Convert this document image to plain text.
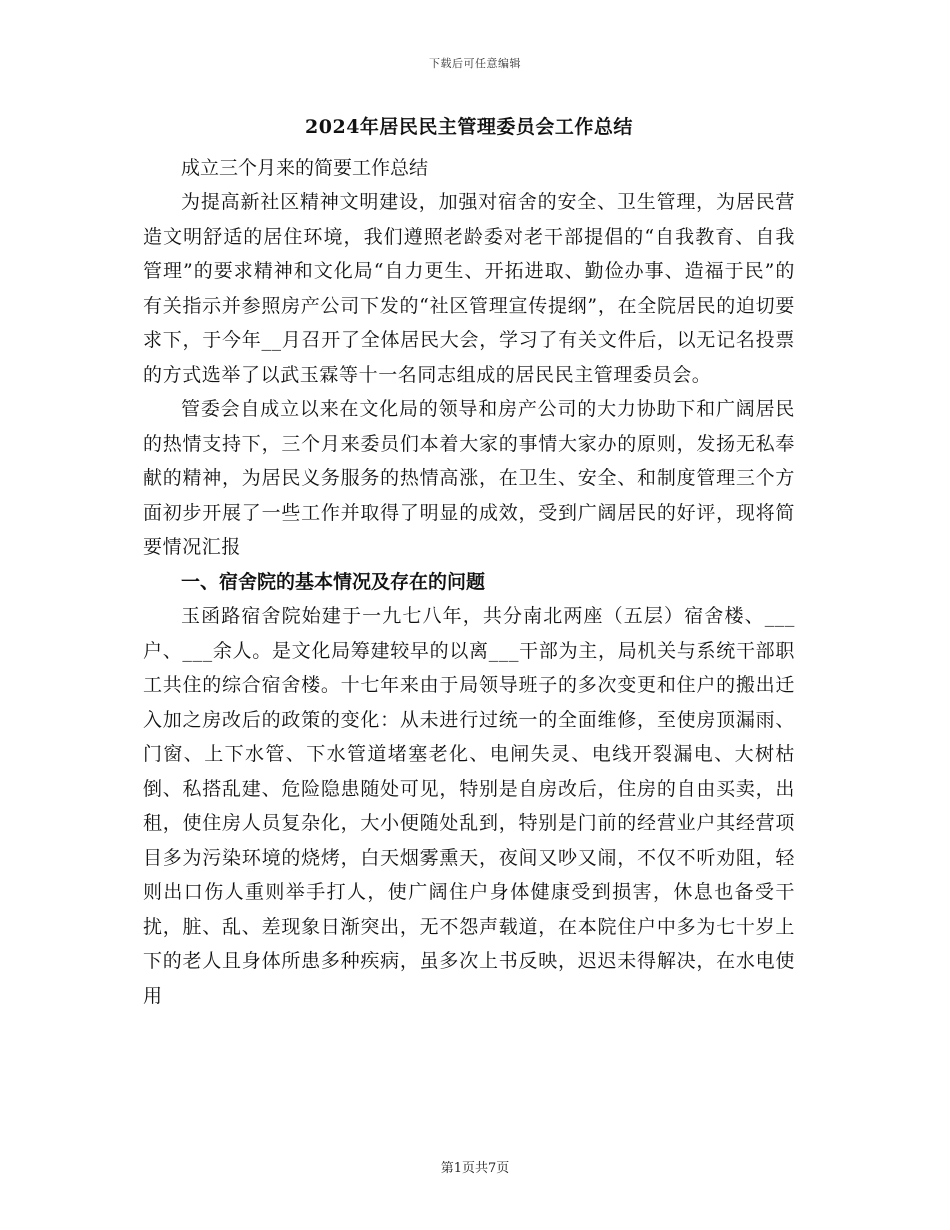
下载后可任意编辑
2024年居民民主管理委员会工作总结

成立三个月来的简要工作总结

为提高新社区精神文明建设，加强对宿舍的安全、卫生管理，为居民营造文明舒适的居住环境，我们遵照老龄委对老干部提倡的“自我教育、自我管理”的要求精神和文化局“自力更生、开拓进取、勤俭办事、造福于民”的有关指示并参照房产公司下发的“社区管理宣传提纲”，在全院居民的迫切要求下，于今年__月召开了全体居民大会，学习了有关文件后，以无记名投票的方式选举了以武玉霖等十一名同志组成的居民民主管理委员会。

管委会自成立以来在文化局的领导和房产公司的大力协助下和广阔居民的热情支持下，三个月来委员们本着大家的事情大家办的原则，发扬无私奉献的精神，为居民义务服务的热情高涨，在卫生、安全、和制度管理三个方面初步开展了一些工作并取得了明显的成效，受到广阔居民的好评，现将简要情况汇报

一、宿舍院的基本情况及存在的问题

玉函路宿舍院始建于一九七八年，共分南北两座（五层）宿舍楼、___户、___余人。是文化局筹建较早的以离___干部为主，局机关与系统干部职工共住的综合宿舍楼。十七年来由于局领导班子的多次变更和住户的搬出迁入加之房改后的政策的变化：从未进行过统一的全面维修，至使房顶漏雨、门窗、上下水管、下水管道堵塞老化、电闸失灵、电线开裂漏电、大树枯倒、私搭乱建、危险隐患随处可见，特别是自房改后，住房的自由买卖，出租，使住房人员复杂化，大小便随处乱到，特别是门前的经营业户其经营项目多为污染环境的烧烤，白天烟雾熏天，夜间又吵又闹，不仅不听劝阻，轻则出口伤人重则举手打人，使广阔住户身体健康受到损害，休息也备受干扰，脏、乱、差现象日渐突出，无不怨声载道，在本院住户中多为七十岁上下的老人且身体所患多种疾病，虽多次上书反映，迟迟未得解决，在水电使用

第1页共7页
